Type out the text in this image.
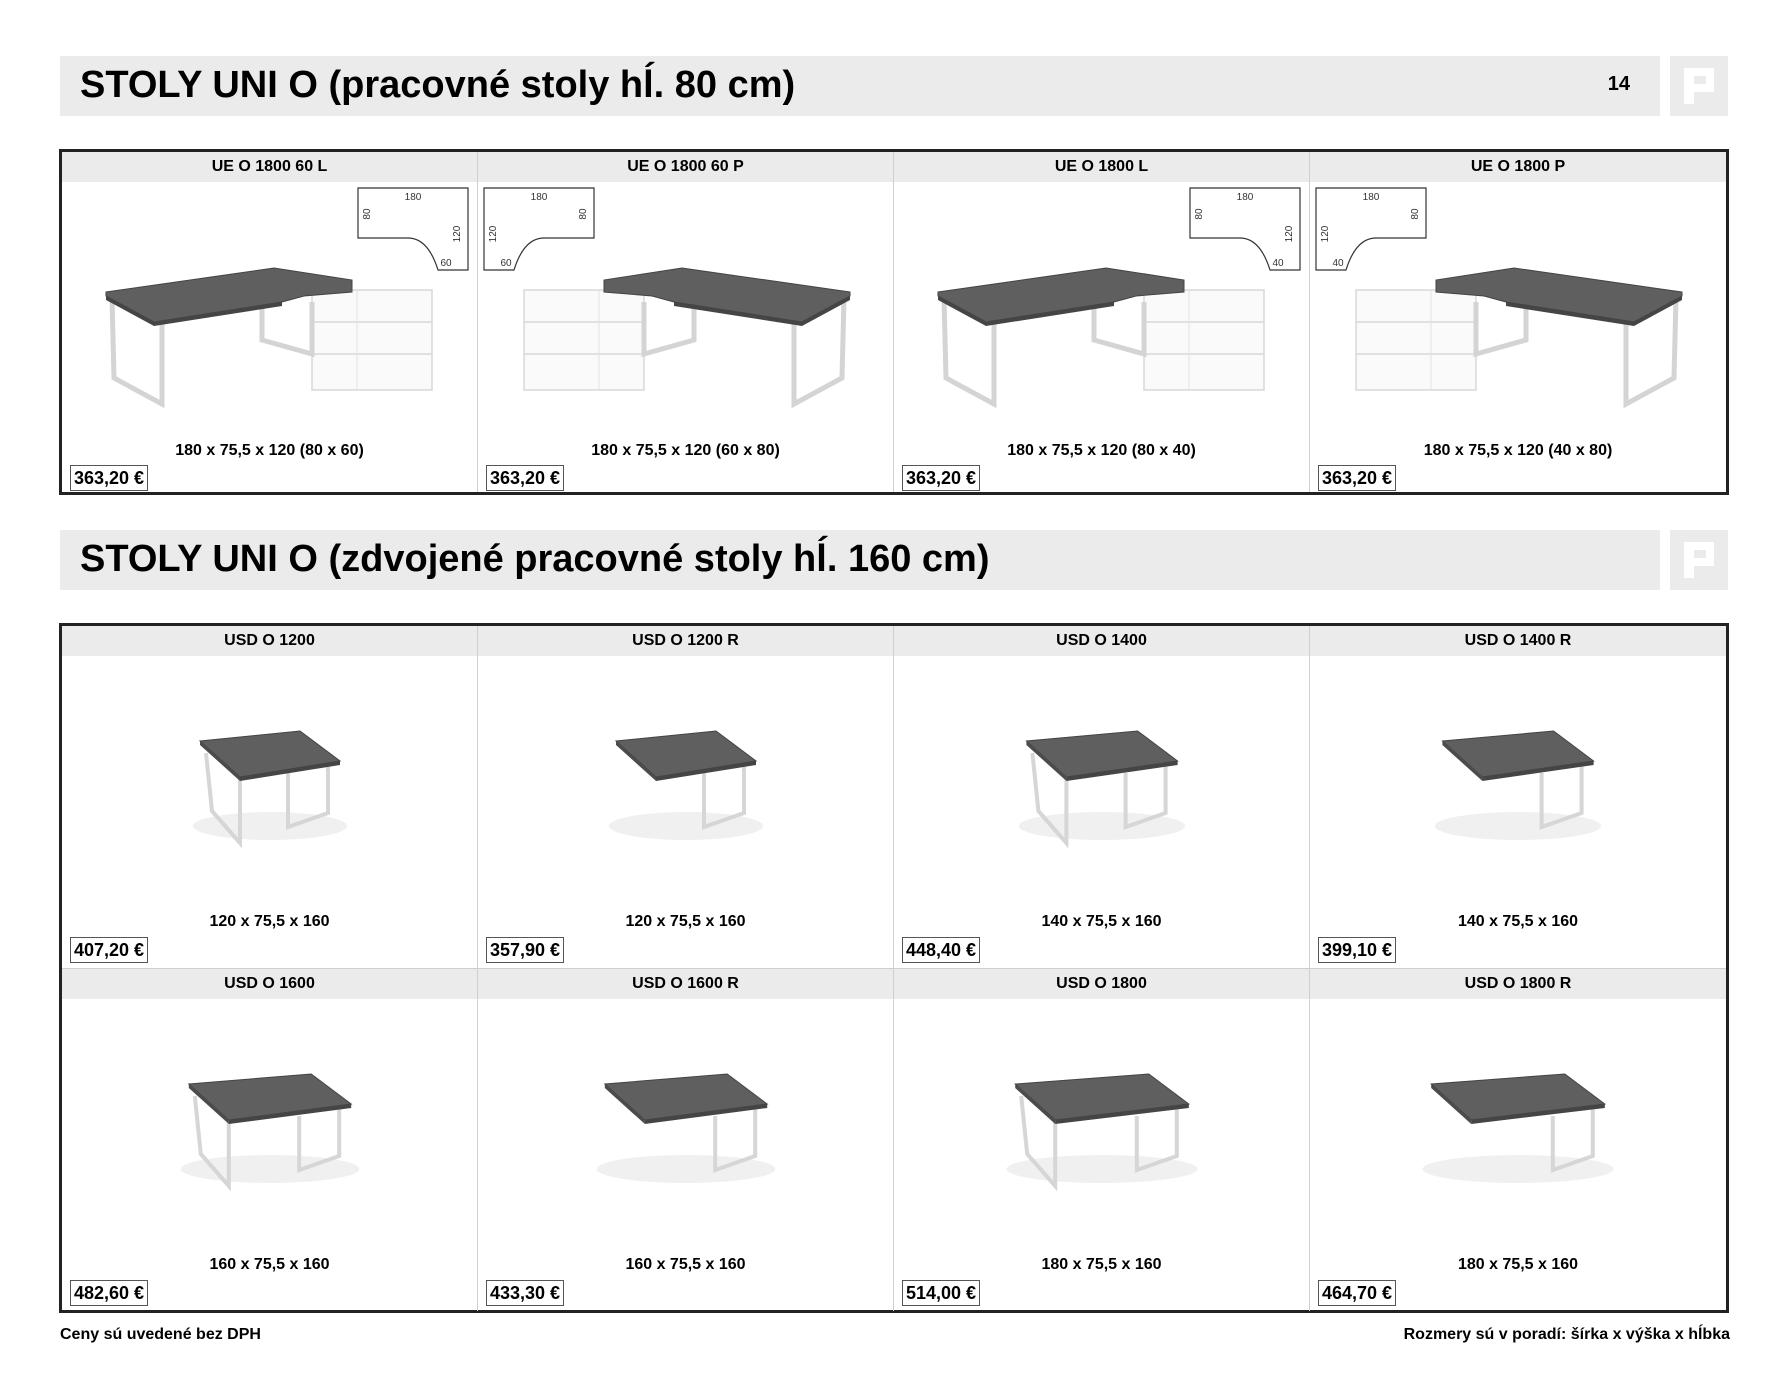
STOLY UNI O (pracovné stoly hĺ. 80 cm)	14
UE O 1800 60 L
180
80
120
60
180 x 75,5 x 120 (80 x 60)
363,20 €
UE O 1800 60 P
180
120
80
60
180 x 75,5 x 120 (60 x 80)
363,20 €
UE O 1800 L
180
80
120
40
180 x 75,5 x 120 (80 x 40)
363,20 €
UE O 1800 P
180
120
80
40
180 x 75,5 x 120 (40 x 80)
363,20 €
STOLY UNI O (zdvojené pracovné stoly hĺ. 160 cm)
USD O 1200
120 x 75,5 x 160
407,20 €
USD O 1200 R
120 x 75,5 x 160
357,90 €
USD O 1400
140 x 75,5 x 160
448,40 €
USD O 1400 R
140 x 75,5 x 160
399,10 €
USD O 1600
160 x 75,5 x 160
482,60 €
USD O 1600 R
160 x 75,5 x 160
433,30 €
USD O 1800
180 x 75,5 x 160
514,00 €
USD O 1800 R
180 x 75,5 x 160
464,70 €
Ceny sú uvedené bez DPH	Rozmery sú v poradí: šírka x výška x hĺbka
